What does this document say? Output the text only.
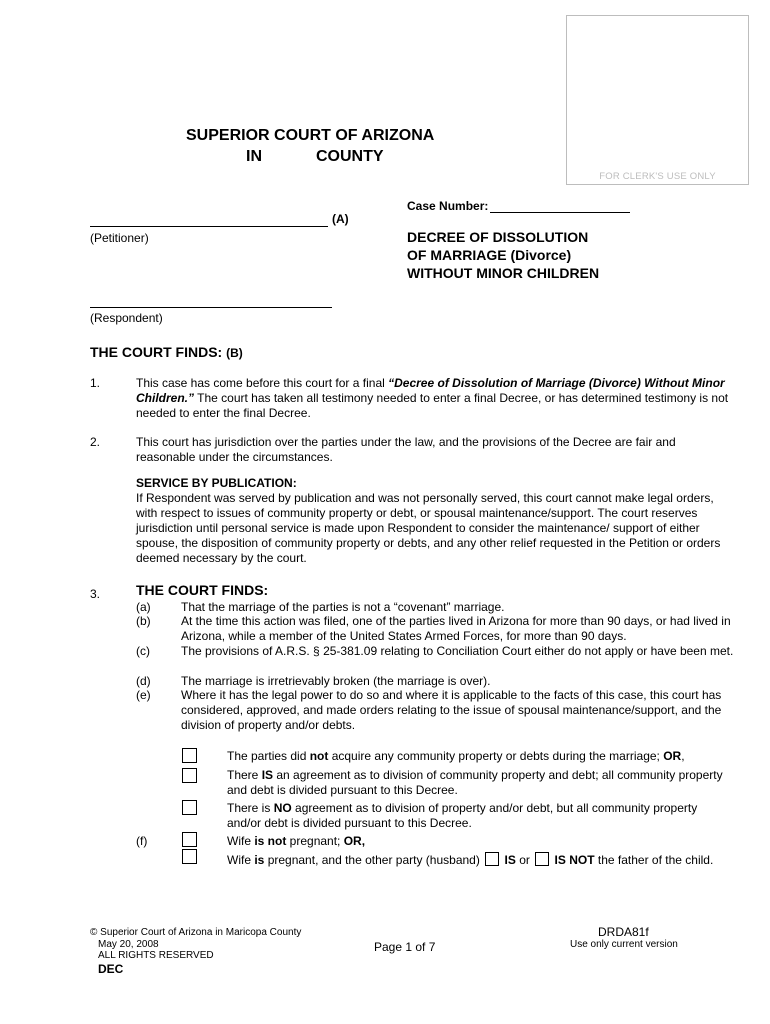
FOR CLERK'S USE ONLY
SUPERIOR COURT OF ARIZONA
IN	COUNTY
Case Number:
(A)
(Petitioner)	DECREE OF DISSOLUTION
OF MARRIAGE (Divorce)
WITHOUT MINOR CHILDREN
(Respondent)
THE COURT FINDS: (B)
1.	This case has come before this court for a final “Decree of Dissolution of Marriage (Divorce) Without Minor Children.” The court has taken all testimony needed to enter a final Decree, or has determined testimony is not needed to enter the final Decree.
2.	This court has jurisdiction over the parties under the law, and the provisions of the Decree are fair and reasonable under the circumstances.
SERVICE BY PUBLICATION:
If Respondent was served by publication and was not personally served, this court cannot make legal orders, with respect to issues of community property or debt, or spousal maintenance/support. The court reserves jurisdiction until personal service is made upon Respondent to consider the maintenance/ support of either spouse, the disposition of community property or debts, and any other relief requested in the Petition or orders deemed necessary by the court.
3.	THE COURT FINDS:
(a)	That the marriage of the parties is not a “covenant” marriage.
(b)	At the time this action was filed, one of the parties lived in Arizona for more than 90 days, or had lived in Arizona, while a member of the United States Armed Forces, for more than 90 days.
(c)	The provisions of A.R.S. § 25-381.09 relating to Conciliation Court either do not apply or have been met.
(d)	The marriage is irretrievably broken (the marriage is over).
(e)	Where it has the legal power to do so and where it is applicable to the facts of this case, this court has considered, approved, and made orders relating to the issue of spousal maintenance/support, and the division of property and/or debts.
The parties did not acquire any community property or debts during the marriage; OR,
There IS an agreement as to division of community property and debt; all community property and debt is divided pursuant to this Decree.
There is NO agreement as to division of property and/or debt, but all community property and/or debt is divided pursuant to this Decree.
(f)	Wife is not pregnant; OR,
Wife is pregnant, and the other party (husband)  IS or  IS NOT the father of the child.
© Superior Court of Arizona in Maricopa County
May 20, 2008
ALL RIGHTS RESERVED
DEC
Page 1 of 7
DRDA81f
Use only current version
